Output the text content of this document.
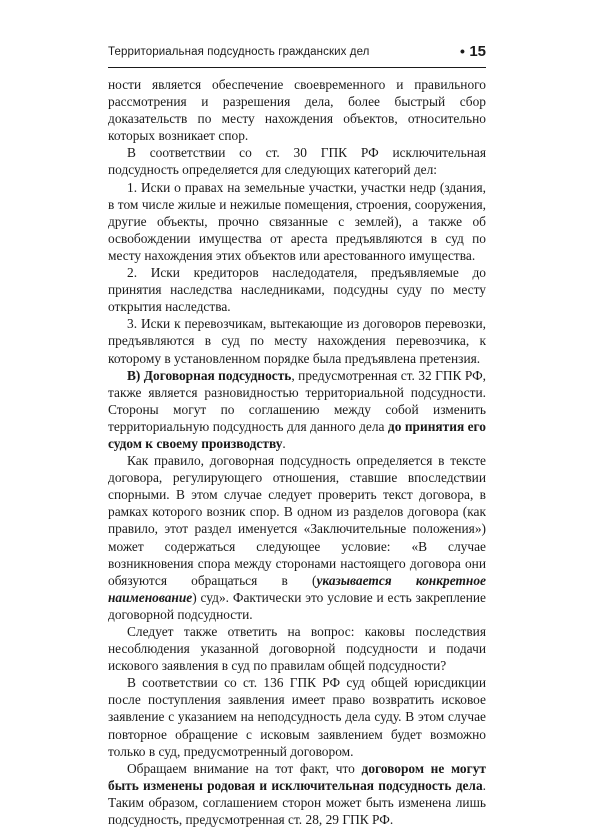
Территориальная подсудность гражданских дел	• 15

ности является обеспечение своевременного и правильного рассмотрения и разрешения дела, более быстрый сбор доказательств по месту нахождения объектов, относительно которых возникает спор.

В соответствии со ст. 30 ГПК РФ исключительная подсудность определяется для следующих категорий дел:

1. Иски о правах на земельные участки, участки недр (здания, в том числе жилые и нежилые помещения, строения, сооружения, другие объекты, прочно связанные с землей), а также об освобождении имущества от ареста предъявляются в суд по месту нахождения этих объектов или арестованного имущества.

2. Иски кредиторов наследодателя, предъявляемые до принятия наследства наследниками, подсудны суду по месту открытия наследства.

3. Иски к перевозчикам, вытекающие из договоров перевозки, предъявляются в суд по месту нахождения перевозчика, к которому в установленном порядке была предъявлена претензия.

В) Договорная подсудность, предусмотренная ст. 32 ГПК РФ, также является разновидностью территориальной подсудности. Стороны могут по соглашению между собой изменить территориальную подсудность для данного дела до принятия его судом к своему производству.

Как правило, договорная подсудность определяется в тексте договора, регулирующего отношения, ставшие впоследствии спорными. В этом случае следует проверить текст договора, в рамках которого возник спор. В одном из разделов договора (как правило, этот раздел именуется «Заключительные положения») может содержаться следующее условие: «В случае возникновения спора между сторонами настоящего договора они обязуются обращаться в (указывается конкретное наименование) суд». Фактически это условие и есть закрепление договорной подсудности.

Следует также ответить на вопрос: каковы последствия несоблюдения указанной договорной подсудности и подачи искового заявления в суд по правилам общей подсудности?

В соответствии со ст. 136 ГПК РФ суд общей юрисдикции после поступления заявления имеет право возвратить исковое заявление с указанием на неподсудность дела суду. В этом случае повторное обращение с исковым заявлением будет возможно только в суд, предусмотренный договором.

Обращаем внимание на тот факт, что договором не могут быть изменены родовая и исключительная подсудность дела. Таким образом, соглашением сторон может быть изменена лишь подсудность, предусмотренная ст. 28, 29 ГПК РФ.
